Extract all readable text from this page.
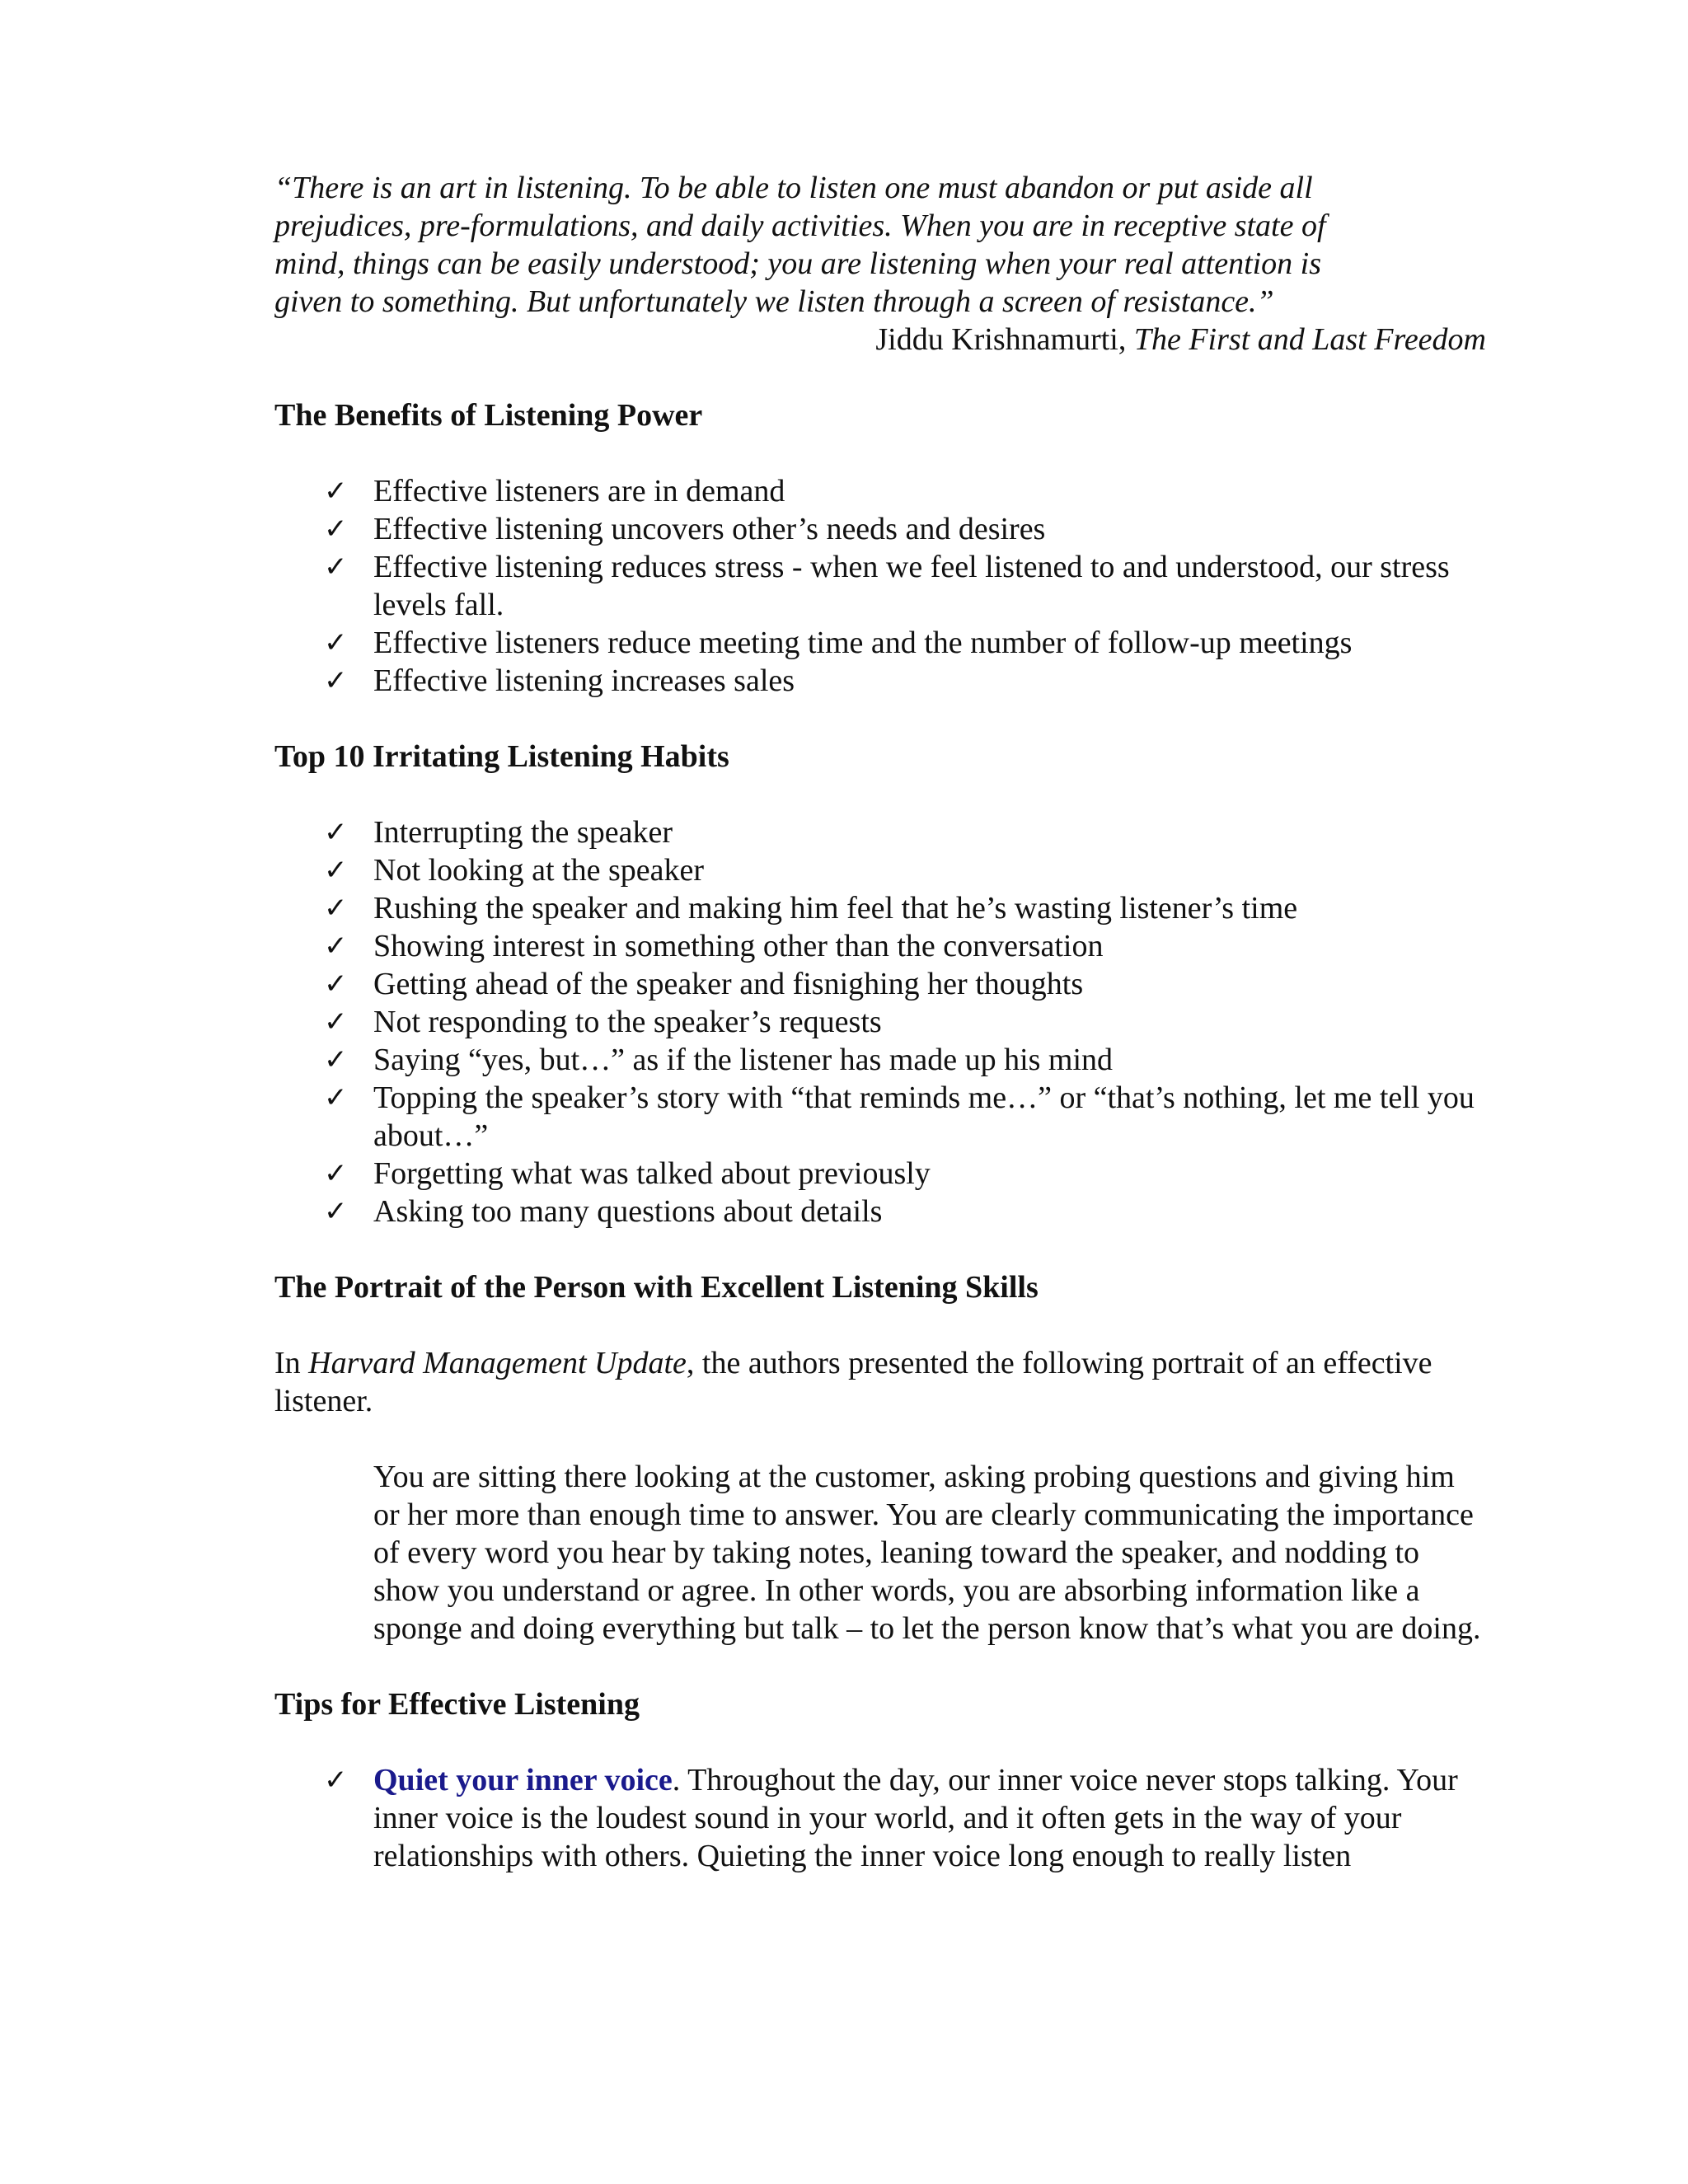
“There is an art in listening. To be able to listen one must abandon or put aside all prejudices, pre-formulations, and daily activities. When you are in receptive state of mind, things can be easily understood; you are listening when your real attention is given to something. But unfortunately we listen through a screen of resistance.”

Jiddu Krishnamurti, The First and Last Freedom

The Benefits of Listening Power
✓ Effective listeners are in demand
✓ Effective listening uncovers other’s needs and desires
✓ Effective listening reduces stress - when we feel listened to and understood, our stress levels fall.
✓ Effective listeners reduce meeting time and the number of follow-up meetings
✓ Effective listening increases sales
Top 10 Irritating Listening Habits
✓ Interrupting the speaker
✓ Not looking at the speaker
✓ Rushing the speaker and making him feel that he’s wasting listener’s time
✓ Showing interest in something other than the conversation
✓ Getting ahead of the speaker and fisnighing her thoughts
✓ Not responding to the speaker’s requests
✓ Saying “yes, but…” as if the listener has made up his mind
✓ Topping the speaker’s story with “that reminds me…” or “that’s nothing, let me tell you about…”
✓ Forgetting what was talked about previously
✓ Asking too many questions about details
The Portrait of the Person with Excellent Listening Skills

In Harvard Management Update, the authors presented the following portrait of an effective listener.

You are sitting there looking at the customer, asking probing questions and giving him or her more than enough time to answer. You are clearly communicating the importance of every word you hear by taking notes, leaning toward the speaker, and nodding to show you understand or agree. In other words, you are absorbing information like a sponge and doing everything but talk – to let the person know that’s what you are doing.

Tips for Effective Listening
✓ Quiet your inner voice. Throughout the day, our inner voice never stops talking. Your inner voice is the loudest sound in your world, and it often gets in the way of your relationships with others. Quieting the inner voice long enough to really listen
